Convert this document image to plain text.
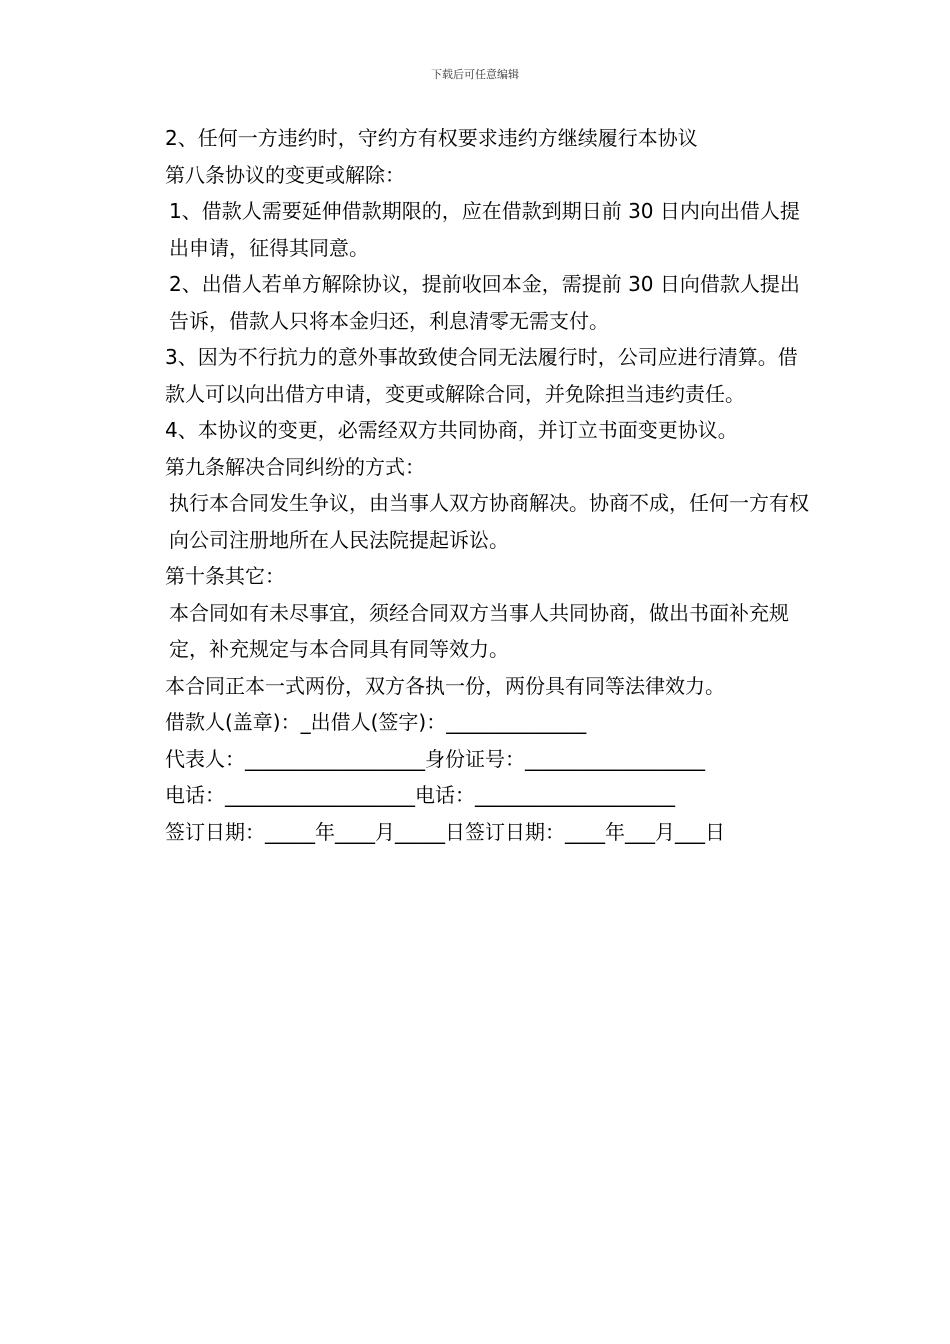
下载后可任意编辑

2、任何一方违约时，守约方有权要求违约方继续履行本协议

第八条协议的变更或解除：

1、借款人需要延伸借款期限的，应在借款到期日前 30 日内向出借人提出申请，征得其同意。

2、出借人若单方解除协议，提前收回本金，需提前 30 日向借款人提出告诉，借款人只将本金归还，利息清零无需支付。

3、因为不行抗力的意外事故致使合同无法履行时，公司应进行清算。借款人可以向出借方申请，变更或解除合同，并免除担当违约责任。

4、本协议的变更，必需经双方共同协商，并订立书面变更协议。

第九条解决合同纠纷的方式：

执行本合同发生争议，由当事人双方协商解决。协商不成，任何一方有权向公司注册地所在人民法院提起诉讼。

第十条其它：

本合同如有未尽事宜，须经合同双方当事人共同协商，做出书面补充规定，补充规定与本合同具有同等效力。

本合同正本一式两份，双方各执一份，两份具有同等法律效力。

借款人(盖章)：_出借人(签字)：______________

代表人：__________________身份证号：__________________

电话：___________________电话：____________________

签订日期：_____年____月_____日签订日期：____年___月___日
